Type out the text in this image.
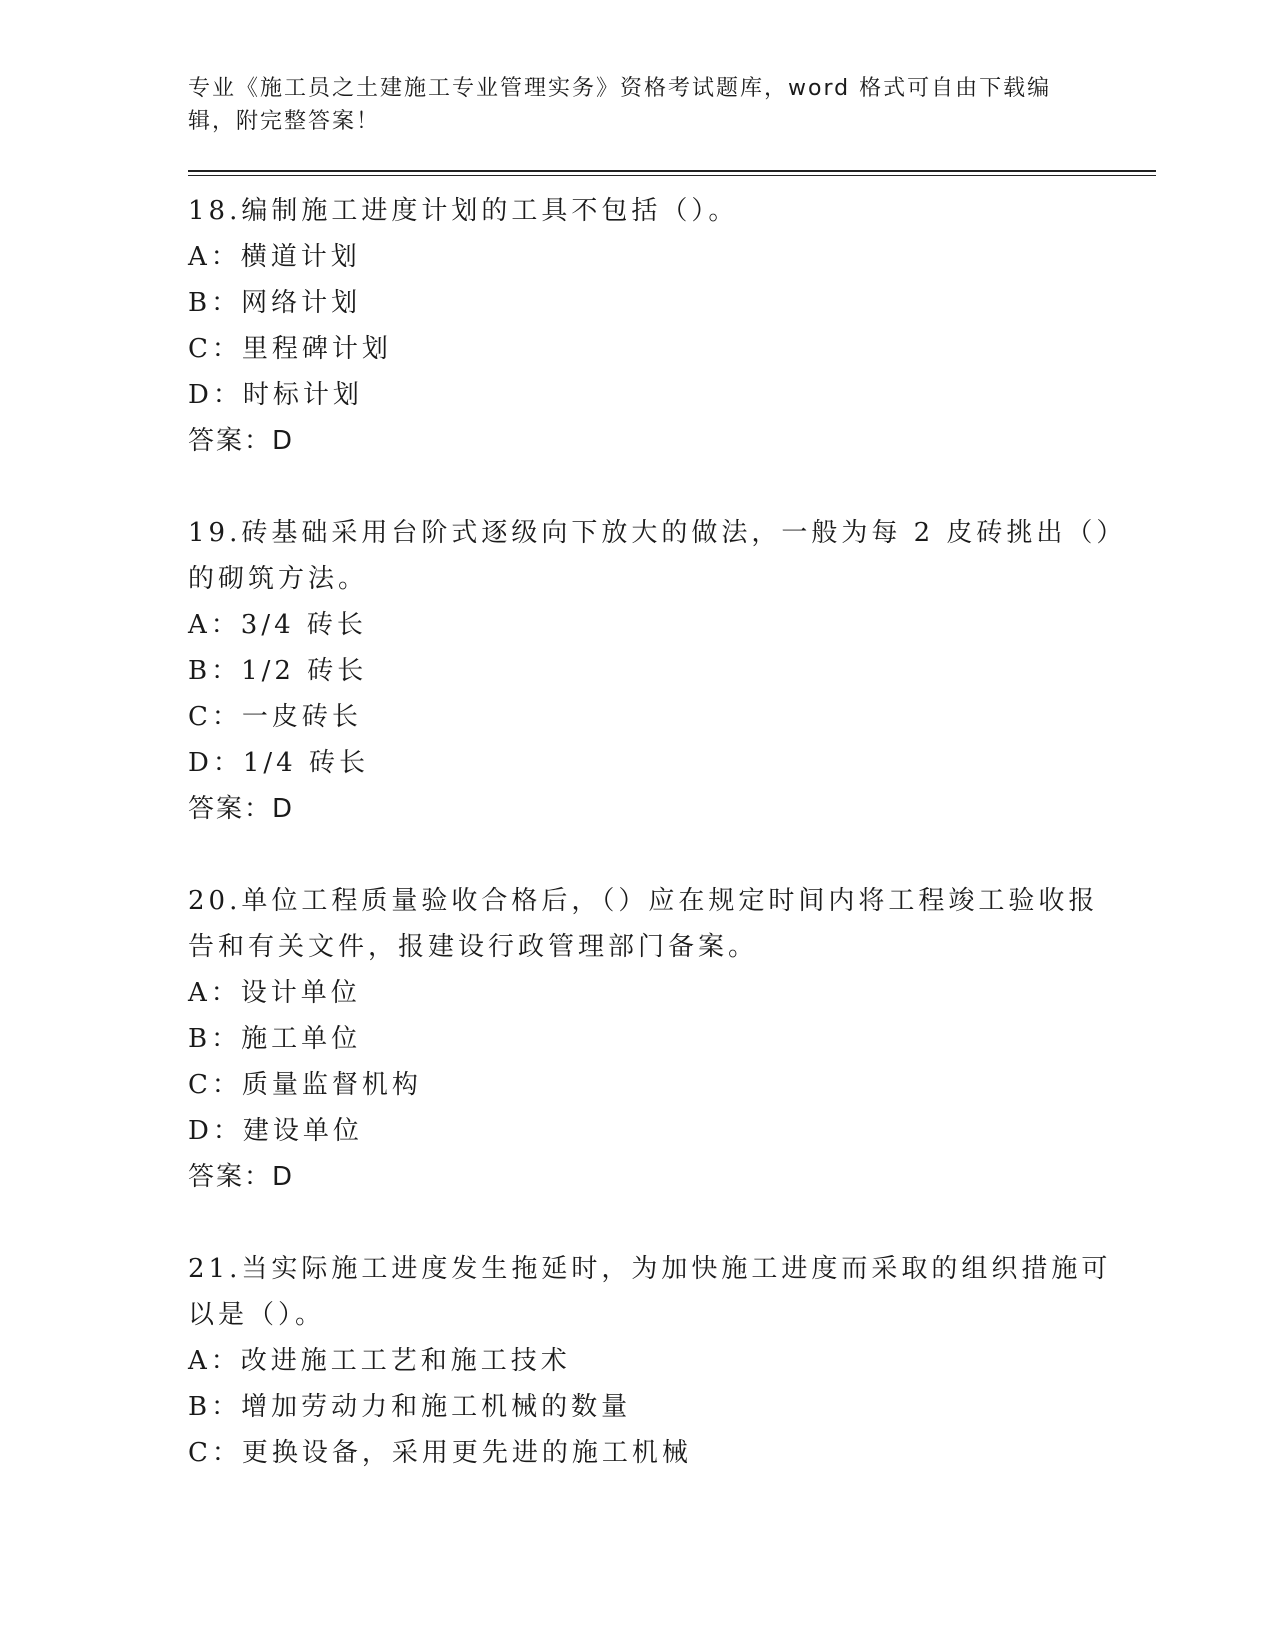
专业《施工员之土建施工专业管理实务》资格考试题库，word 格式可自由下载编
辑，附完整答案！
18.编制施工进度计划的工具不包括（）。
A：横道计划
B：网络计划
C：里程碑计划
D：时标计划
答案：D
19.砖基础采用台阶式逐级向下放大的做法，一般为每 2 皮砖挑出（）
的砌筑方法。
A：3/4 砖长
B：1/2 砖长
C：一皮砖长
D：1/4 砖长
答案：D
20.单位工程质量验收合格后，（）应在规定时间内将工程竣工验收报
告和有关文件，报建设行政管理部门备案。
A：设计单位
B：施工单位
C：质量监督机构
D：建设单位
答案：D
21.当实际施工进度发生拖延时，为加快施工进度而采取的组织措施可
以是（）。
A：改进施工工艺和施工技术
B：增加劳动力和施工机械的数量
C：更换设备，采用更先进的施工机械
